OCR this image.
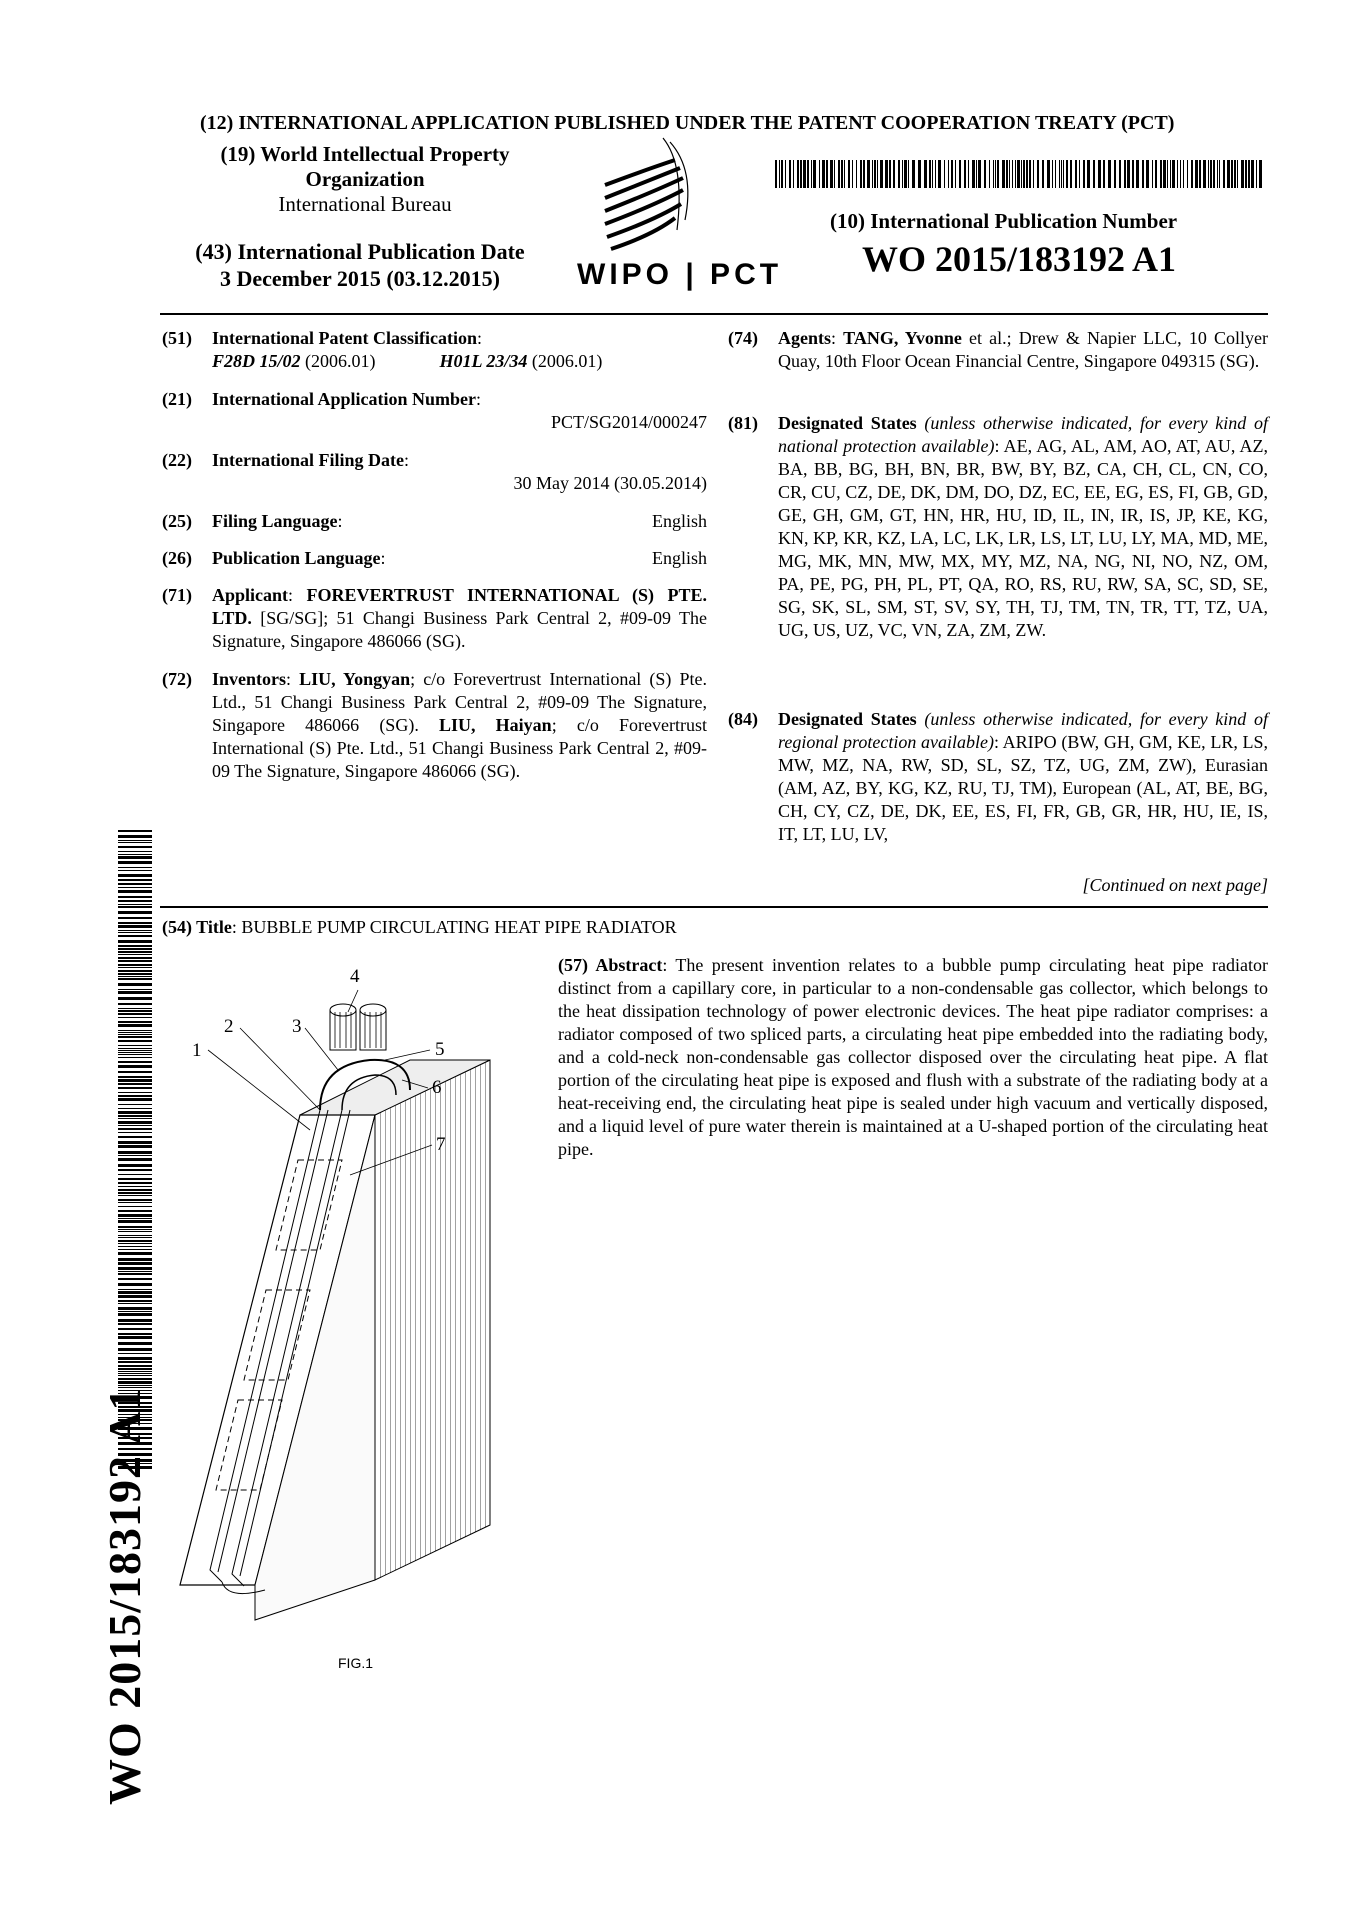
(12) INTERNATIONAL APPLICATION PUBLISHED UNDER THE PATENT COOPERATION TREATY (PCT)
(19) World Intellectual Property
Organization
International Bureau
(43) International Publication Date
3 December 2015 (03.12.2015)	WIPO | PCT
(10) International Publication Number
WO 2015/183192 A1
(51) International Patent Classification:
F28D 15/02 (2006.01)	H01L 23/34 (2006.01)
(21) International Application Number:
PCT/SG2014/000247
(22) International Filing Date:
30 May 2014 (30.05.2014)
(25) Filing Language:	English
(26) Publication Language:	English
(71) Applicant: FOREVERTRUST INTERNATIONAL (S) PTE. LTD. [SG/SG]; 51 Changi Business Park Central 2, #09-09 The Signature, Singapore 486066 (SG).
(72) Inventors: LIU, Yongyan; c/o Forevertrust International (S) Pte. Ltd., 51 Changi Business Park Central 2, #09-09 The Signature, Singapore 486066 (SG). LIU, Haiyan; c/o Forevertrust International (S) Pte. Ltd., 51 Changi Business Park Central 2, #09-09 The Signature, Singapore 486066 (SG).
(74) Agents: TANG, Yvonne et al.; Drew & Napier LLC, 10 Collyer Quay, 10th Floor Ocean Financial Centre, Singapore 049315 (SG).
(81) Designated States (unless otherwise indicated, for every kind of national protection available): AE, AG, AL, AM, AO, AT, AU, AZ, BA, BB, BG, BH, BN, BR, BW, BY, BZ, CA, CH, CL, CN, CO, CR, CU, CZ, DE, DK, DM, DO, DZ, EC, EE, EG, ES, FI, GB, GD, GE, GH, GM, GT, HN, HR, HU, ID, IL, IN, IR, IS, JP, KE, KG, KN, KP, KR, KZ, LA, LC, LK, LR, LS, LT, LU, LY, MA, MD, ME, MG, MK, MN, MW, MX, MY, MZ, NA, NG, NI, NO, NZ, OM, PA, PE, PG, PH, PL, PT, QA, RO, RS, RU, RW, SA, SC, SD, SE, SG, SK, SL, SM, ST, SV, SY, TH, TJ, TM, TN, TR, TT, TZ, UA, UG, US, UZ, VC, VN, ZA, ZM, ZW.
(84) Designated States (unless otherwise indicated, for every kind of regional protection available): ARIPO (BW, GH, GM, KE, LR, LS, MW, MZ, NA, RW, SD, SL, SZ, TZ, UG, ZM, ZW), Eurasian (AM, AZ, BY, KG, KZ, RU, TJ, TM), European (AL, AT, BE, BG, CH, CY, CZ, DE, DK, EE, ES, FI, FR, GB, GR, HR, HU, IE, IS, IT, LT, LU, LV,
[Continued on next page]
(54) Title: BUBBLE PUMP CIRCULATING HEAT PIPE RADIATOR
(57) Abstract: The present invention relates to a bubble pump circulating heat pipe radiator distinct from a capillary core, in particular to a non-condensable gas collector, which belongs to the heat dissipation technology of power electronic devices. The heat pipe radiator comprises: a radiator composed of two spliced parts, a circulating heat pipe embedded into the radiating body, and a cold-neck non-condensable gas collector disposed over the circulating heat pipe. A flat portion of the circulating heat pipe is exposed and flush with a substrate of the radiating body at a heat-receiving end, the circulating heat pipe is sealed under high vacuum and vertically disposed, and a liquid level of pure water therein is maintained at a U-shaped portion of the circulating heat pipe.
1
2	3
4
5
6
7
FIG.1
WO 2015/183192 A1
